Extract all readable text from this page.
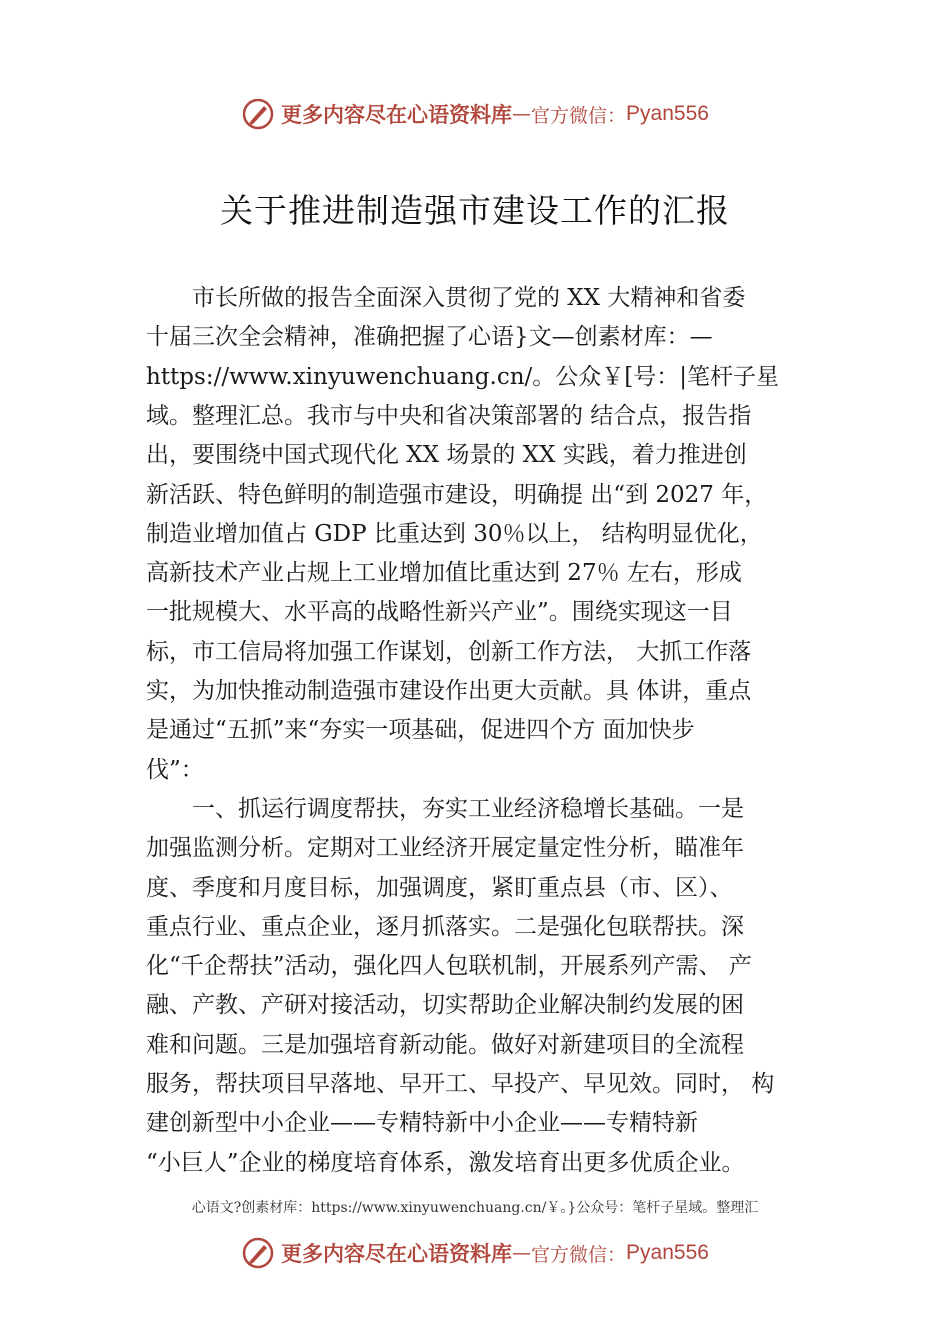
更多内容尽在心语资料库 — 官方微信： Pyan556
关于推进制造强市建设工作的汇报
　　市长所做的报告全面深入贯彻了党的 XX 大精神和省委
十届三次全会精神，准确把握了心语}文—创素材库：—
https://www.xinyuwenchuang.cn/。公众￥[号：|笔杆子星
域。整理汇总。我市与中央和省决策部署的 结合点，报告指
出，要围绕中国式现代化 XX 场景的 XX 实践，着力推进创
新活跃、特色鲜明的制造强市建设，明确提 出“到 2027 年，
制造业增加值占 GDP 比重达到 30％以上， 结构明显优化，
高新技术产业占规上工业增加值比重达到 27％ 左右，形成
一批规模大、水平高的战略性新兴产业”。围绕实现这一目
标，市工信局将加强工作谋划，创新工作方法， 大抓工作落
实，为加快推动制造强市建设作出更大贡献。具 体讲，重点
是通过“五抓”来“夯实一项基础，促进四个方 面加快步
伐”：
　　一、抓运行调度帮扶，夯实工业经济稳增长基础。一是
加强监测分析。定期对工业经济开展定量定性分析，瞄准年
度、季度和月度目标，加强调度，紧盯重点县（市、区）、
重点行业、重点企业，逐月抓落实。二是强化包联帮扶。深
化“千企帮扶”活动，强化四人包联机制，开展系列产需、 产
融、产教、产研对接活动，切实帮助企业解决制约发展的困
难和问题。三是加强培育新动能。做好对新建项目的全流程
服务，帮扶项目早落地、早开工、早投产、早见效。同时， 构
建创新型中小企业——专精特新中小企业——专精特新
“小巨人”企业的梯度培育体系，激发培育出更多优质企业。
心语文?创素材库：https://www.xinyuwenchuang.cn/￥。}公众号：笔杆子星域。整理汇
更多内容尽在心语资料库 — 官方微信： Pyan556
